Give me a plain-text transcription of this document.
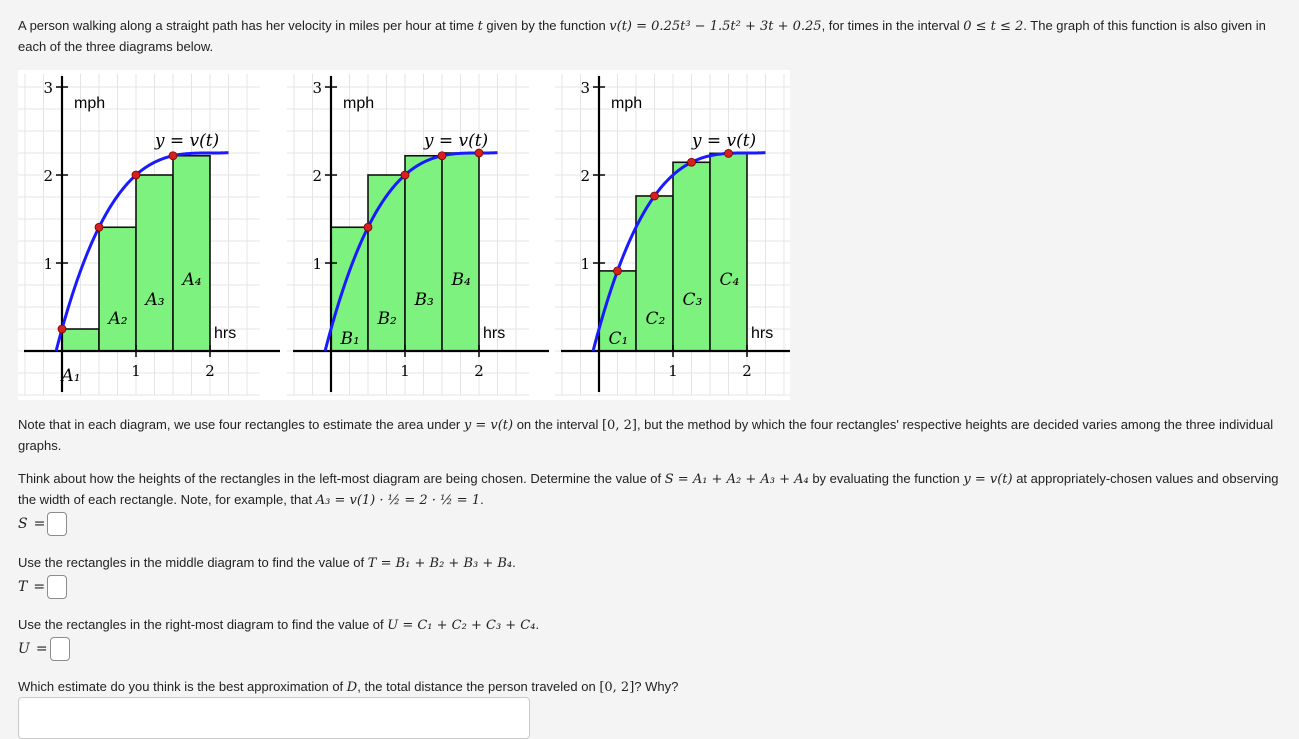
A person walking along a straight path has her velocity in miles per hour at time t given by the function v(t) = 0.25t³ − 1.5t² + 3t + 0.25, for times in the interval 0 ≤ t ≤ 2. The graph of this function is also given in each of the three diagrams below.

1
2
3
1	2
mph
hrs
y = v(t)
A₁
A₂
A₃
A₄
1
2
3
1	2
mph
hrs
y = v(t)
B₁
B₂
B₃
B₄
1
2
3
1	2
mph
hrs
y = v(t)
C₁
C₂
C₃
C₄

Note that in each diagram, we use four rectangles to estimate the area under y = v(t) on the interval [0, 2], but the method by which the four rectangles' respective heights are decided varies among the three individual graphs.

Think about how the heights of the rectangles in the left-most diagram are being chosen. Determine the value of S = A₁ + A₂ + A₃ + A₄ by evaluating the function y = v(t) at appropriately-chosen values and observing the width of each rectangle. Note, for example, that A₃ = v(1) · ½ = 2 · ½ = 1.

S =

Use the rectangles in the middle diagram to find the value of T = B₁ + B₂ + B₃ + B₄.

T =

Use the rectangles in the right-most diagram to find the value of U = C₁ + C₂ + C₃ + C₄.

U =

Which estimate do you think is the best approximation of D, the total distance the person traveled on [0, 2]? Why?
